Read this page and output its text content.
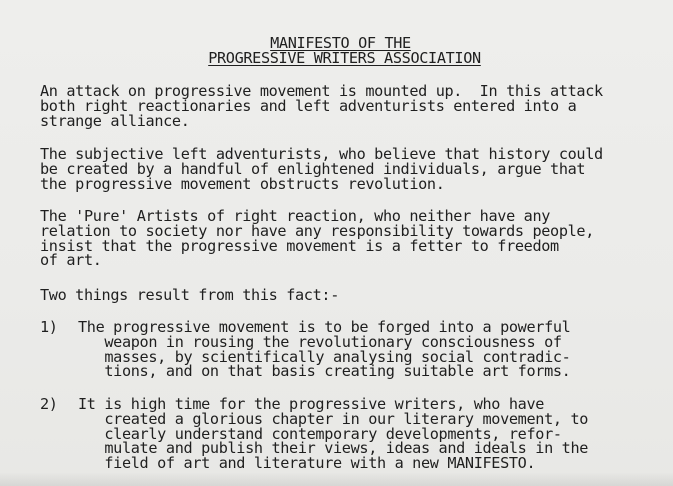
MANIFESTO OF THE
PROGRESSIVE WRITERS ASSOCIATION
An attack on progressive movement is mounted up.  In this attack
both right reactionaries and left adventurists entered into a
strange alliance.
The subjective left adventurists, who believe that history could
be created by a handful of enlightened individuals, argue that
the progressive movement obstructs revolution.
The 'Pure' Artists of right reaction, who neither have any
relation to society nor have any responsibility towards people,
insist that the progressive movement is a fetter to freedom
of art.
Two things result from this fact:-

1)

The progressive movement is to be forged into a powerful
weapon in rousing the revolutionary consciousness of
masses, by scientifically analysing social contradic-
tions, and on that basis creating suitable art forms.

2)

It is high time for the progressive writers, who have
created a glorious chapter in our literary movement, to
clearly understand contemporary developments, refor-
mulate and publish their views, ideas and ideals in the
field of art and literature with a new MANIFESTO.
